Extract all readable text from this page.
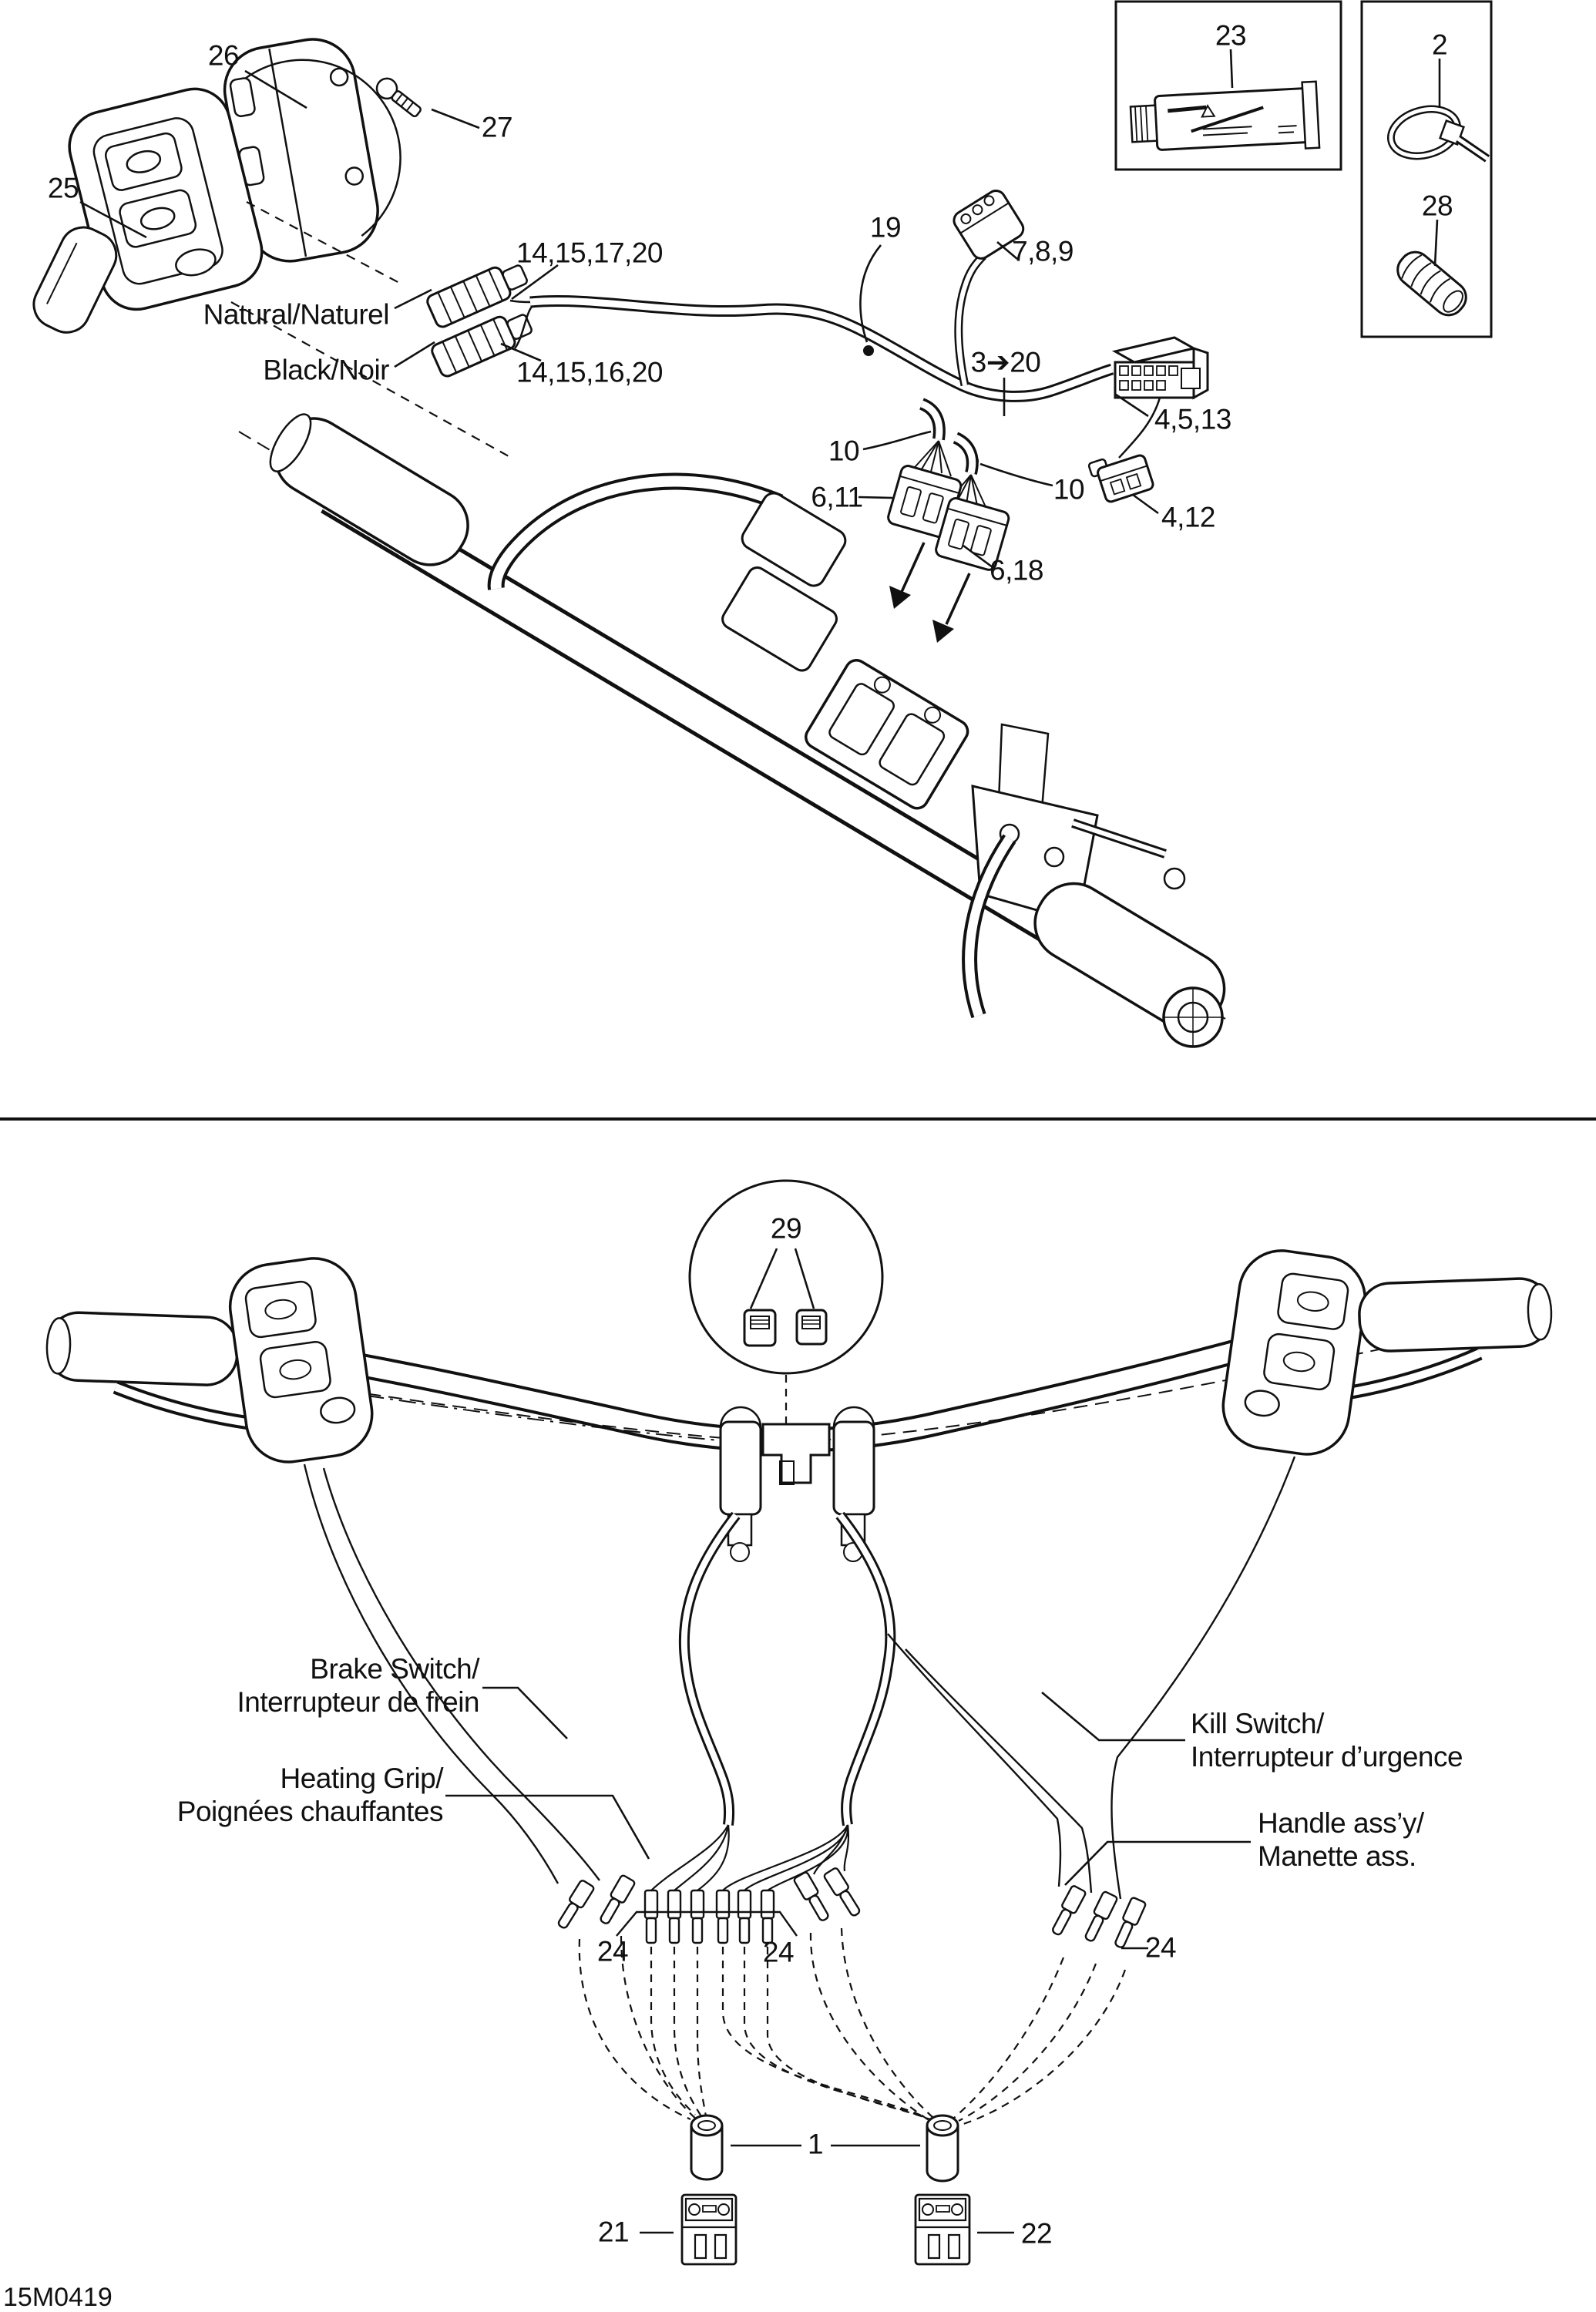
26
27
25
Natural/Naturel
Black/Noir
14,15,17,20
14,15,16,20
19
7,8,9
3➔20
10
6,11	10
6,18
4,5,13
4,12
23	2
28
29
Brake Switch/
Interrupteur de frein
Heating Grip/
Poignées chauffantes
Kill Switch/
Interrupteur d’urgence
Handle ass’y/
Manette ass.
24	24	24
1
21	22
15M0419
